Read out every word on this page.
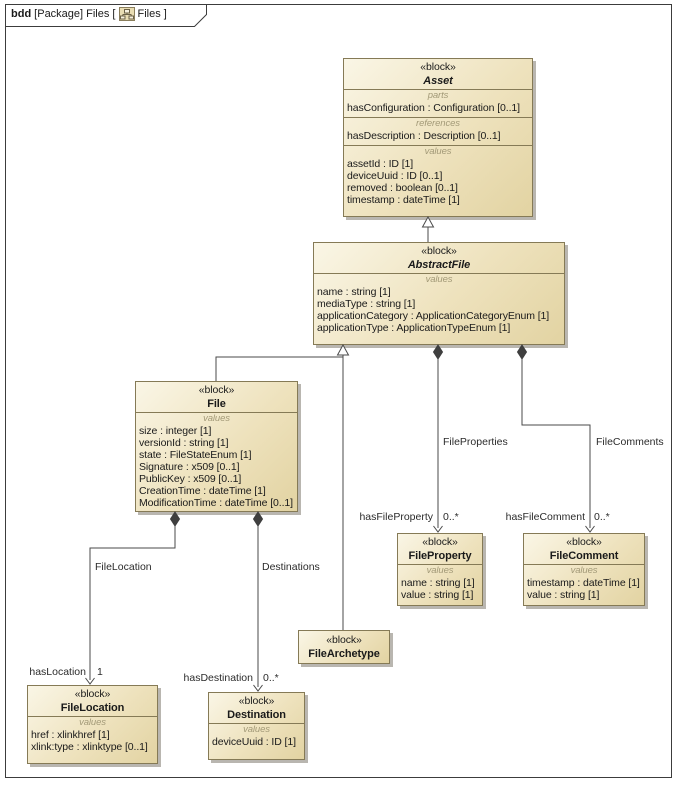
bdd [Package] Files [ Files ]
«block»
Asset
parts
hasConfiguration : Configuration [0..1]
references
hasDescription : Description [0..1]
values
assetId : ID [1]
deviceUuid : ID [0..1]
removed : boolean [0..1]
timestamp : dateTime [1]
«block»
AbstractFile
values
name : string [1]
mediaType : string [1]
applicationCategory : ApplicationCategoryEnum [1]
applicationType : ApplicationTypeEnum [1]
«block»
File
values
size : integer [1]
versionId : string [1]
state : FileStateEnum [1]
Signature : x509 [0..1]
PublicKey : x509 [0..1]
CreationTime : dateTime [1]
ModificationTime : dateTime [0..1]
«block»
FileProperty
values
name : string [1]
value : string [1]
«block»
FileComment
values
timestamp : dateTime [1]
value : string [1]
«block»
FileArchetype
«block»
FileLocation
values
href : xlinkhref [1]
xlink:type : xlinktype [0..1]
«block»
Destination
values
deviceUuid : ID [1]
FileProperties	FileComments
hasFileProperty 0..*	hasFileComment 0..*
FileLocation	Destinations
hasLocation 1	hasDestination 0..*
